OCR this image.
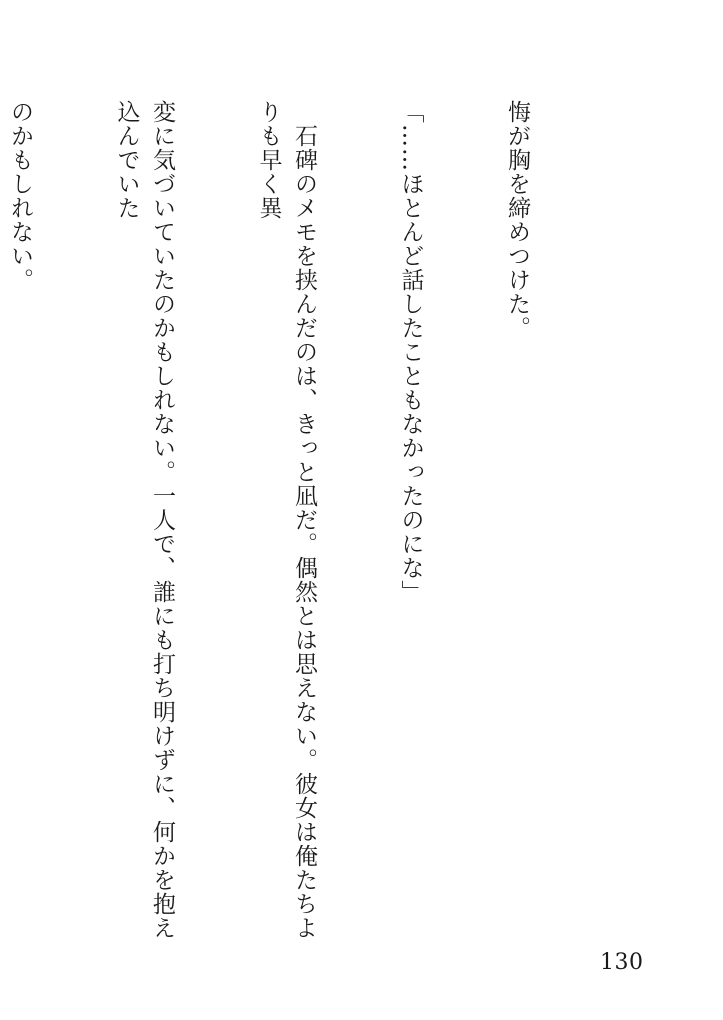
悔が胸を締めつけた。

「……ほとんど話したこともなかったのにな」

　石碑のメモを挟んだのは、きっと凪だ。偶然とは思えない。彼女は俺たちよりも早く異

変に気づいていたのかもしれない。一人で、誰にも打ち明けずに、何かを抱え込んでいた

のかもしれない。

130
